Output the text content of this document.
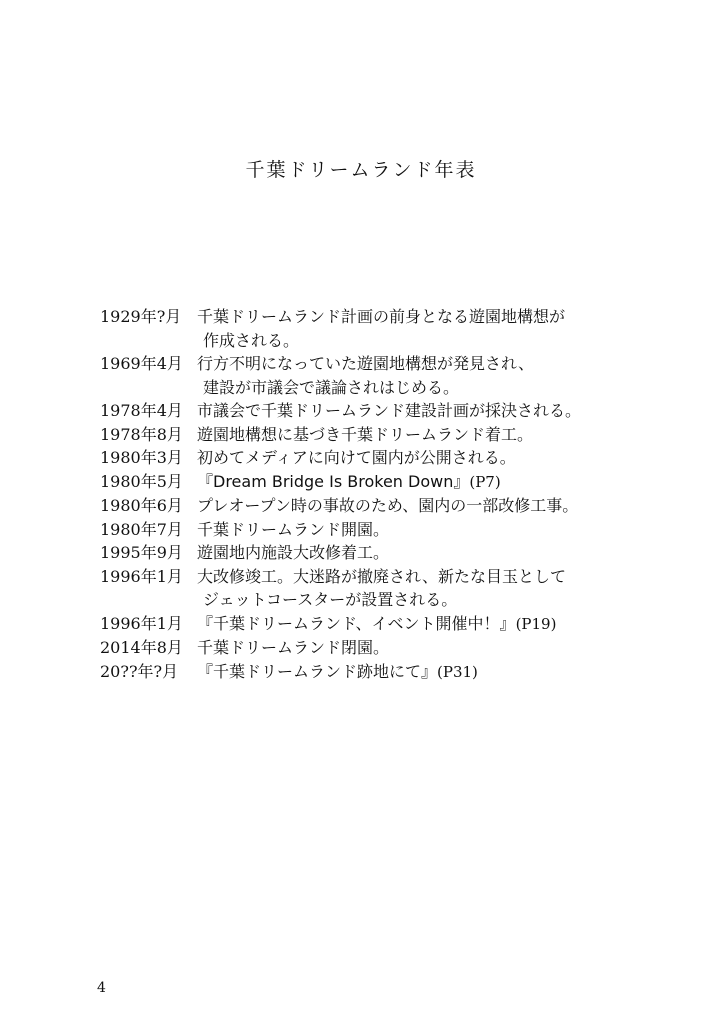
千葉ドリームランド年表
1929年?月 千葉ドリームランド計画の前身となる遊園地構想が
作成される。
1969年4月 行方不明になっていた遊園地構想が発見され、
建設が市議会で議論されはじめる。
1978年4月 市議会で千葉ドリームランド建設計画が採決される。
1978年8月 遊園地構想に基づき千葉ドリームランド着工。
1980年3月 初めてメディアに向けて園内が公開される。
1980年5月 『Dream Bridge Is Broken Down』(P7)
1980年6月 プレオープン時の事故のため、園内の一部改修工事。
1980年7月 千葉ドリームランド開園。
1995年9月 遊園地内施設大改修着工。
1996年1月 大改修竣工。大迷路が撤廃され、新たな目玉として
ジェットコースターが設置される。
1996年1月 『千葉ドリームランド、イベント開催中！』(P19)
2014年8月 千葉ドリームランド閉園。
20??年?月	『千葉ドリームランド跡地にて』(P31)
4
